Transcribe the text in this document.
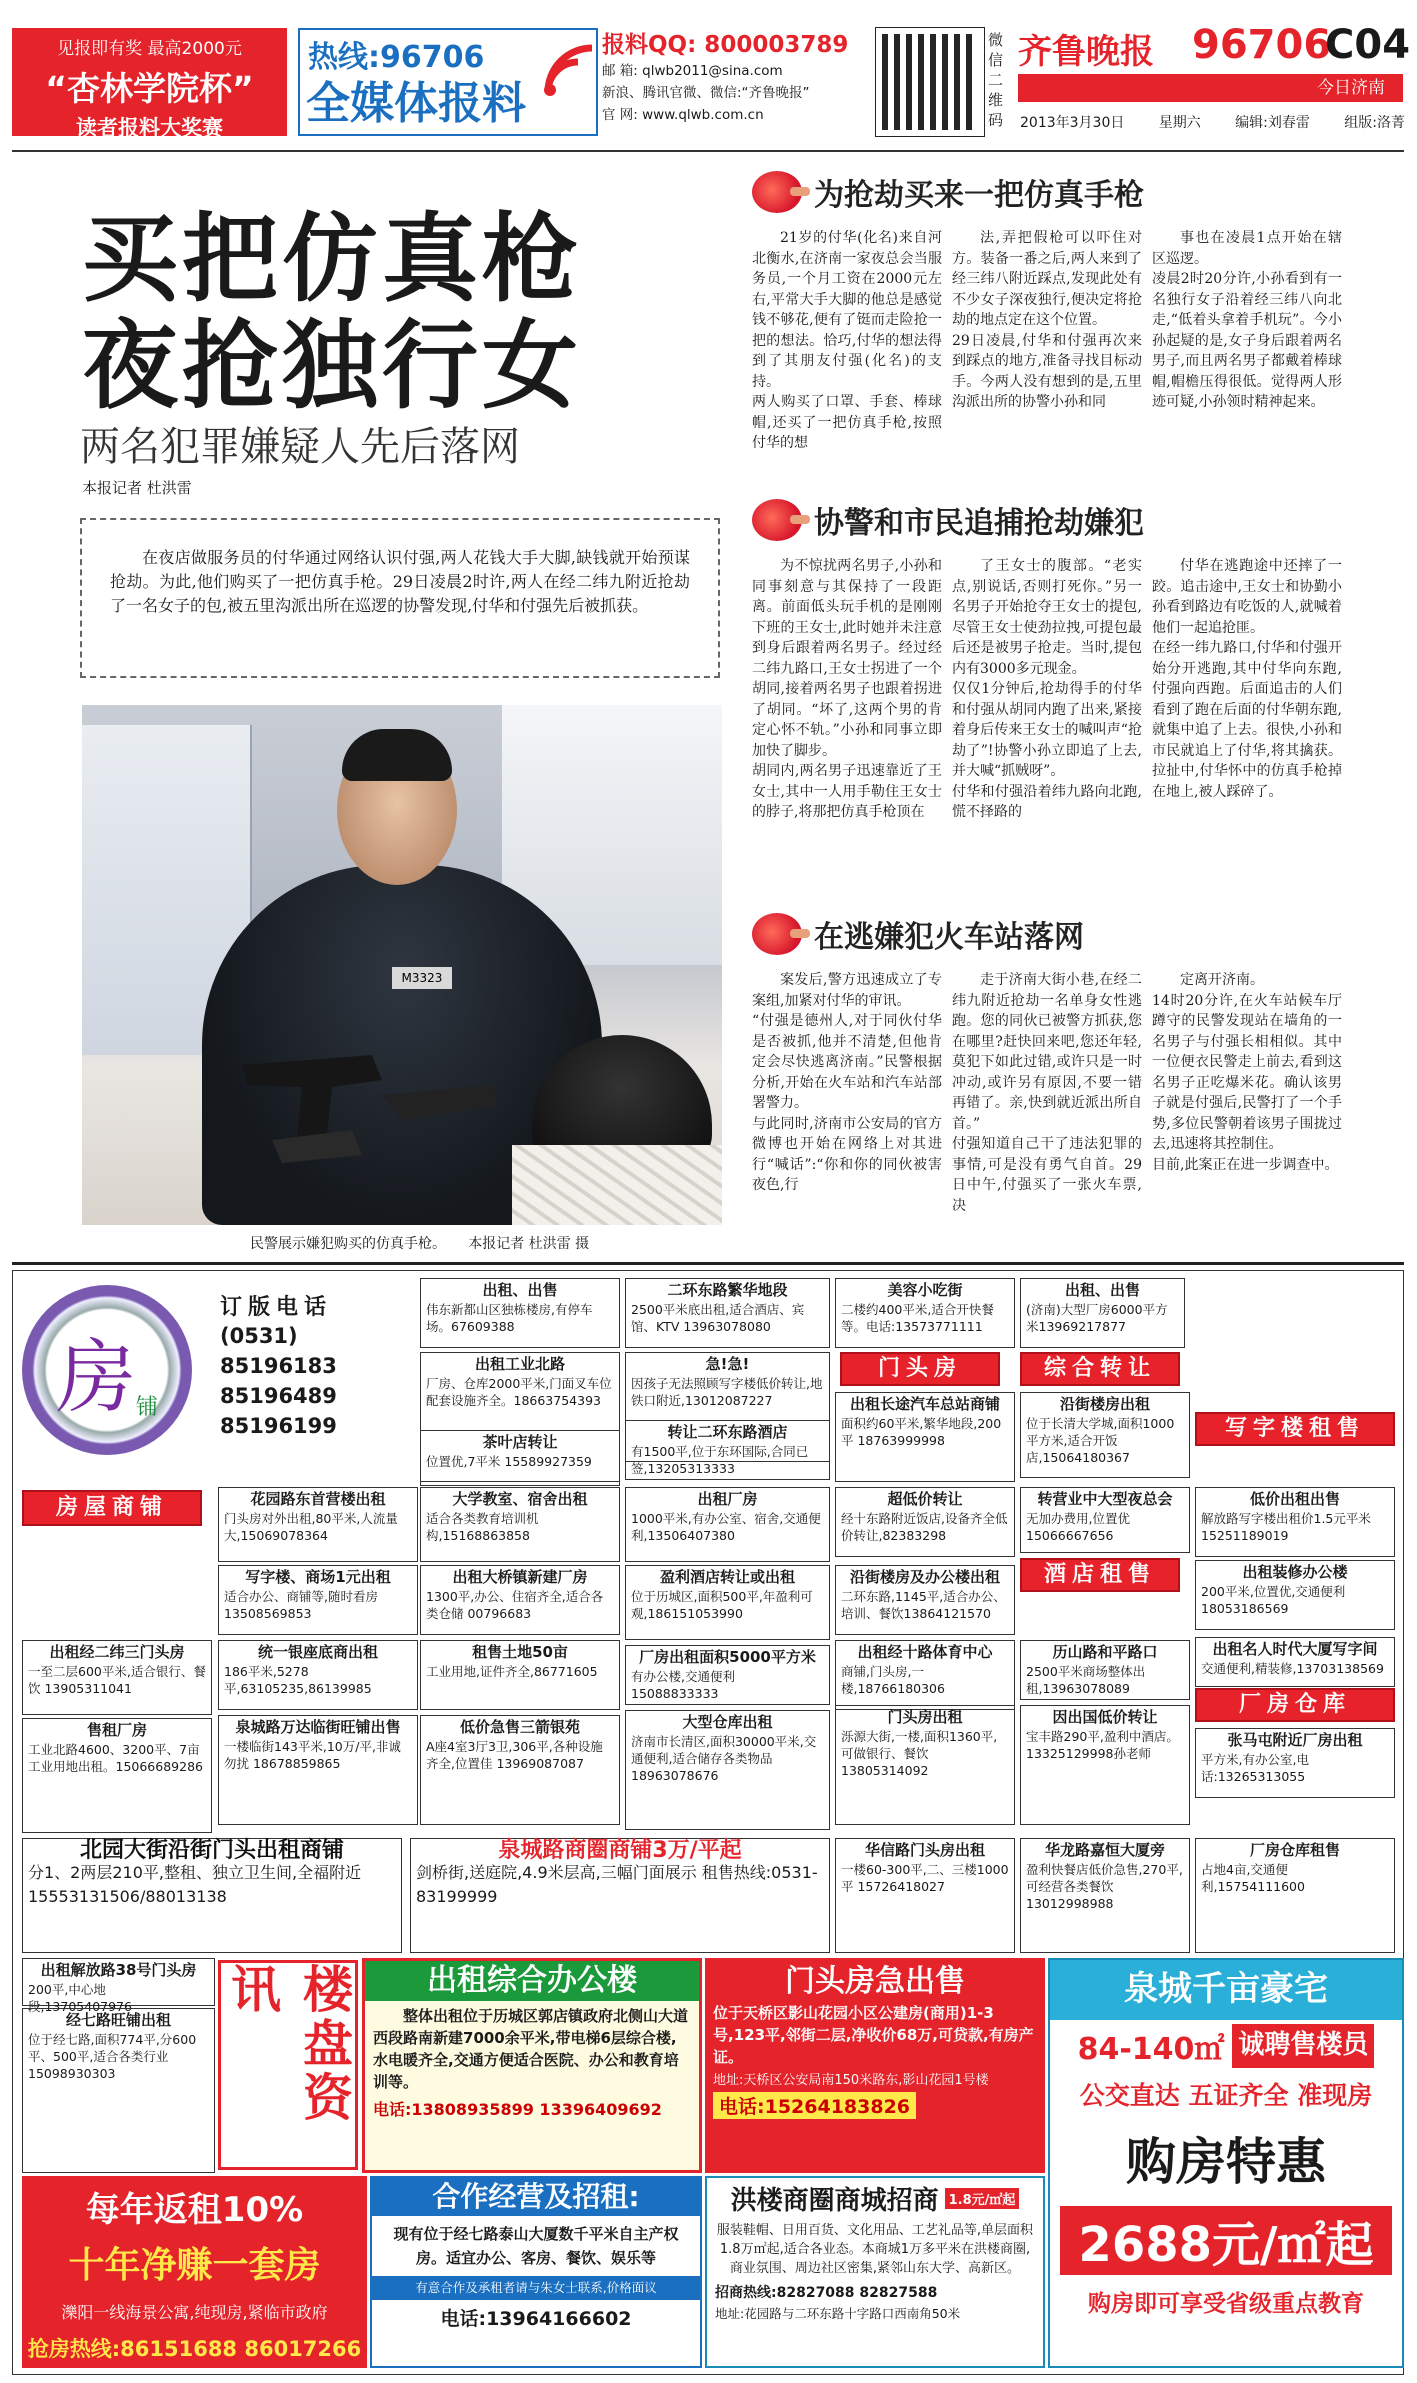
见报即有奖 最高2000元
“杏林学院杯”
读者报料大奖赛
热线:96706
全媒体报料
报料QQ: 800003789
邮 箱: qlwb2011@sina.com
新浪、腾讯官微、微信:“齐鲁晚报”
官 网: www.qlwb.com.cn
微信二维码
齐鲁晚报 96706
C04
今日济南
2013年3月30日 星期六 编辑:刘春雷 组版:洛菁
买把仿真枪
夜抢独行女
两名犯罪嫌疑人先后落网
本报记者 杜洪雷

在夜店做服务员的付华通过网络认识付强,两人花钱大手大脚,缺钱就开始预谋抢劫。为此,他们购买了一把仿真手枪。29日凌晨2时许,两人在经二纬九附近抢劫了一名女子的包,被五里沟派出所在巡逻的协警发现,付华和付强先后被抓获。

M3323
民警展示嫌犯购买的仿真手枪。 本报记者 杜洪雷 摄
为抢劫买来一把仿真手枪

21岁的付华(化名)来自河北衡水,在济南一家夜总会当服务员,一个月工资在2000元左右,平常大手大脚的他总是感觉钱不够花,便有了铤而走险抢一把的想法。恰巧,付华的想法得到了其朋友付强(化名)的支持。
两人购买了口罩、手套、棒球帽,还买了一把仿真手枪,按照付华的想

法,弄把假枪可以吓住对方。装备一番之后,两人来到了经三纬八附近踩点,发现此处有不少女子深夜独行,便决定将抢劫的地点定在这个位置。
29日凌晨,付华和付强再次来到踩点的地方,准备寻找目标动手。今两人没有想到的是,五里沟派出所的协警小孙和同

事也在凌晨1点开始在辖区巡逻。
凌晨2时20分许,小孙看到有一名独行女子沿着经三纬八向北走,“低着头拿着手机玩”。今小孙起疑的是,女子身后跟着两名男子,而且两名男子都戴着棒球帽,帽檐压得很低。觉得两人形迹可疑,小孙领时精神起来。

协警和市民追捕抢劫嫌犯

为不惊扰两名男子,小孙和同事刻意与其保持了一段距离。前面低头玩手机的是刚刚下班的王女士,此时她并未注意到身后跟着两名男子。经过经二纬九路口,王女士拐进了一个胡同,接着两名男子也跟着拐进了胡同。“坏了,这两个男的肯定心怀不轨。”小孙和同事立即加快了脚步。
胡同内,两名男子迅速靠近了王女士,其中一人用手勒住王女士的脖子,将那把仿真手枪顶在

了王女士的腹部。“老实点,别说话,否则打死你。”另一名男子开始抢夺王女士的提包,尽管王女士使劲拉拽,可提包最后还是被男子抢走。当时,提包内有3000多元现金。
仅仅1分钟后,抢劫得手的付华和付强从胡同内跑了出来,紧接着身后传来王女士的喊叫声“抢劫了”!协警小孙立即追了上去,并大喊“抓贼呀”。
付华和付强沿着纬九路向北跑,慌不择路的

付华在逃跑途中还摔了一跤。追击途中,王女士和协勤小孙看到路边有吃饭的人,就喊着他们一起追抢匪。
在经一纬九路口,付华和付强开始分开逃跑,其中付华向东跑,付强向西跑。后面追击的人们看到了跑在后面的付华朝东跑,就集中追了上去。很快,小孙和市民就追上了付华,将其擒获。拉扯中,付华怀中的仿真手枪掉在地上,被人踩碎了。

在逃嫌犯火车站落网

案发后,警方迅速成立了专案组,加紧对付华的审讯。
“付强是德州人,对于同伙付华是否被抓,他并不清楚,但他肯定会尽快逃离济南。”民警根据分析,开始在火车站和汽车站部署警力。
与此同时,济南市公安局的官方微博也开始在网络上对其进行“喊话”:“你和你的同伙被害夜色,行

走于济南大街小巷,在经二纬九附近抢劫一名单身女性逃跑。您的同伙已被警方抓获,您在哪里?赶快回来吧,您还年轻,莫犯下如此过错,或许只是一时冲动,或许另有原因,不要一错再错了。亲,快到就近派出所自首。”
付强知道自己干了违法犯罪的事情,可是没有勇气自首。29日中午,付强买了一张火车票,决

定离开济南。
14时20分许,在火车站候车厅蹲守的民警发现站在墙角的一名男子与付强长相相似。其中一位便衣民警走上前去,看到这名男子正吃爆米花。确认该男子就是付强后,民警打了一个手势,多位民警朝着该男子围拢过去,迅速将其控制住。
目前,此案正在进一步调查中。

房 铺
订版电话
(0531)
85196183
85196489
85196199
门头房	综合转让
写字楼租售
房屋商铺
酒店租售
厂房仓库
出租、出售
伟东新都山区独栋楼房,有停车场。67609388
二环东路繁华地段
2500平米底出租,适合酒店、宾馆、KTV 13963078080
美容小吃街
二楼约400平米,适合开快餐等。电话:13573771111
出租、出售
(济南)大型厂房6000平方米13969217877
出租工业北路
厂房、仓库2000平米,门面叉车位配套设施齐全。18663754393
茶叶店转让
位置优,7平米 15589927359
急!急!
因孩子无法照顾写字楼低价转让,地铁口附近,13012087227
转让二环东路酒店
有1500平,位于东环国际,合同已签,13205313333
出租长途汽车总站商铺
面积约60平米,繁华地段,200平 18763999998
沿街楼房出租
位于长清大学城,面积1000平方米,适合开饭店,15064180367
花园路东首营楼出租
门头房对外出租,80平米,人流量大,15069078364
大学教室、宿舍出租
适合各类教育培训机构,15168863858
出租厂房
1000平米,有办公室、宿舍,交通便利,13506407380
超低价转让
经十东路附近饭店,设备齐全低价转让,82383298
转营业中大型夜总会
无加办费用,位置优15066667656
低价出租出售
解放路写字楼出租价1.5元平米 15251189019
写字楼、商场1元出租
适合办公、商铺等,随时看房 13508569853
出租大桥镇新建厂房
1300平,办公、住宿齐全,适合各类仓储 00796683
盈利酒店转让或出租
位于历城区,面积500平,年盈利可观,186151053990
沿街楼房及办公楼出租
二环东路,1145平,适合办公、培训、餐饮13864121570
出租装修办公楼
200平米,位置优,交通便利 18053186569
出租经二纬三门头房
一至二层600平米,适合银行、餐饮 13905311041
统一银座底商出租
186平米,5278平,63105235,86139985
租售土地50亩
工业用地,证件齐全,86771605
厂房出租面积5000平方米
有办公楼,交通便利 15088833333
出租经十路体育中心
商铺,门头房,一楼,18766180306
历山路和平路口
2500平米商场整体出租,13963078089
出租名人时代大厦写字间
交通便利,精装修,13703138569
售租厂房
工业北路4600、3200平、7亩工业用地出租。15066689286
泉城路万达临街旺铺出售
一楼临街143平米,10万/平,非诚勿扰 18678859865
低价急售三箭银苑
A座4室3厅3卫,306平,各种设施齐全,位置佳 13969087087
大型仓库出租
济南市长清区,面积30000平米,交通便利,适合储存各类物品 18963078676
门头房出租
泺源大街,一楼,面积1360平,可做银行、餐饮 13805314092
因出国低价转让
宝丰路290平,盈利中酒店。13325129998孙老师
张马屯附近厂房出租
平方米,有办公室,电话:13265313055
北园大街沿街门头出租商铺
分1、2两层210平,整租、独立卫生间,全福附近15553131506/88013138
泉城路商圈商铺3万/平起
剑桥街,送庭院,4.9米层高,三幅门面展示 租售热线:0531-83199999
华信路门头房出租
一楼60-300平,二、三楼1000平 15726418027
华龙路嘉恒大厦旁
盈利快餐店低价急售,270平,可经营各类餐饮 13012998988
厂房仓库租售
占地4亩,交通便利,15754111600
出租解放路38号门头房
200平,中心地段,13705407976
经七路旺铺出租
位于经七路,面积774平,分600平、500平,适合各类行业 15098930303	楼盘资讯	出租综合办公楼
整体出租位于历城区郭店镇政府北侧山大道西段路南新建7000余平米,带电梯6层综合楼,水电暖齐全,交通方便适合医院、办公和教育培训等。
电话:13808935899 13396409692
门头房急出售
位于天桥区影山花园小区公建房(商用)1-3号,123平,邻街二层,净收价68万,可贷款,有房产证。
地址:天桥区公安局南150米路东,影山花园1号楼
电话:15264183826
泉城千亩豪宅
84-140㎡ 诚聘售楼员
公交直达 五证齐全 准现房
购房特惠
2688元/㎡起
购房即可享受省级重点教育
每年返租10%
十年净赚一套房
濼阳一线海景公寓,纯现房,紧临市政府
抢房热线:86151688 86017266
合作经营及招租:
现有位于经七路泰山大厦数千平米自主产权房。适宜办公、客房、餐饮、娱乐等
有意合作及承租者请与朱女士联系,价格面议
电话:13964166602
洪楼商圈商城招商 1.8元/㎡起
服装鞋帽、日用百货、文化用品、工艺礼品等,单层面积1.8万㎡起,适合各业态。本商城1万多平米在洪楼商圈,商业氛围、周边社区密集,紧邻山东大学、高新区。
招商热线:82827088 82827588
地址:花园路与二环东路十字路口西南角50米
